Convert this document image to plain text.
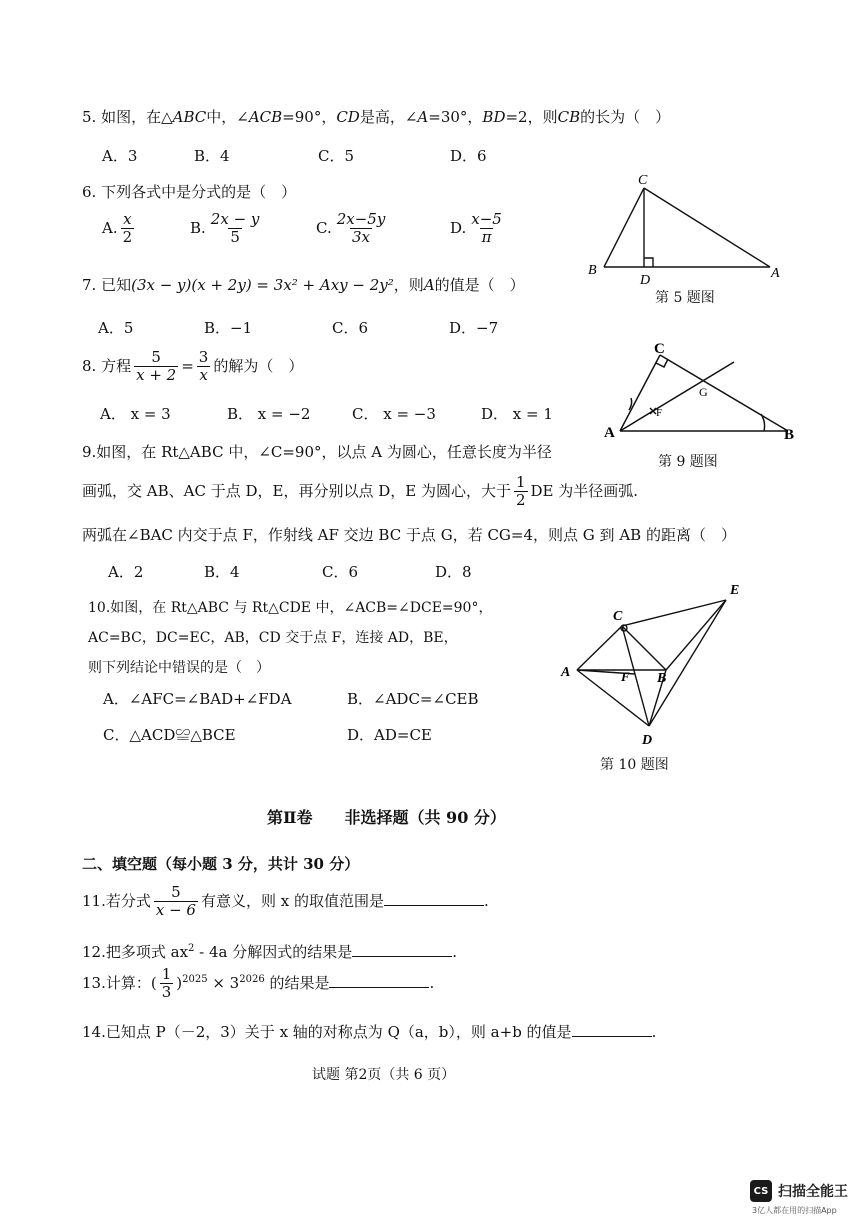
5. 如图，在△ABC中，∠ACB=90°，CD是高，∠A=30°，BD=2，则CB的长为（　）
A．3	B．4	C．5	D．6
6. 下列各式中是分式的是（　）
A. $\frac{x}{2}$	B. $\frac{2x - y}{5}$	C. $\frac{2x-5y}{3x}$	D. $\frac{x-5}{\pi}$
7. 已知(3x − y)(x + 2y) = 3x² + Axy − 2y²，则A的值是（　）
A．5	B．−1	C．6	D．−7
8. 方程 $\frac{5}{x + 2} = \frac{3}{x}$ 的解为（　）
A． x = 3	B． x = −2	C． x = −3	D． x = 1
9.如图，在 Rt△ABC 中，∠C=90°，以点 A 为圆心，任意长度为半径
画弧，交 AB、AC 于点 D，E，再分别以点 D，E 为圆心，大于 $\frac{1}{2}$ DE 为半径画弧.
两弧在∠BAC 内交于点 F，作射线 AF 交边 BC 于点 G，若 CG=4，则点 G 到 AB 的距离（　）
A．2	B．4	C．6	D．8
10.如图，在 Rt△ABC 与 Rt△CDE 中，∠ACB=∠DCE=90°，
AC=BC，DC=EC，AB，CD 交于点 F，连接 AD，BE，
则下列结论中错误的是（　）
A．∠AFC=∠BAD+∠FDA	B．∠ADC=∠CEB
C．△ACD≌△BCE	D．AD=CE
C
B
D	A
第 5 题图
C
G
F
A	B
第 9 题图
C
E
A	F B
D
第 10 题图
第Ⅱ卷　　非选择题（共 90 分）
二、填空题（每小题 3 分，共计 30 分）
11.若分式 $\frac{5}{x - 6}$ 有意义，则 x 的取值范围是	.
12.把多项式 $ax^2 - 4a$ 分解因式的结果是	.
13.计算：( $\frac{1}{3} )^{2025} \times 3^{2026}$ 的结果是	.
14.已知点 P（－2，3）关于 x 轴的对称点为 Q（a，b），则 a+b 的值是	.
试题 第2页（共 6 页）
CS 扫描全能王
3亿人都在用的扫描App
